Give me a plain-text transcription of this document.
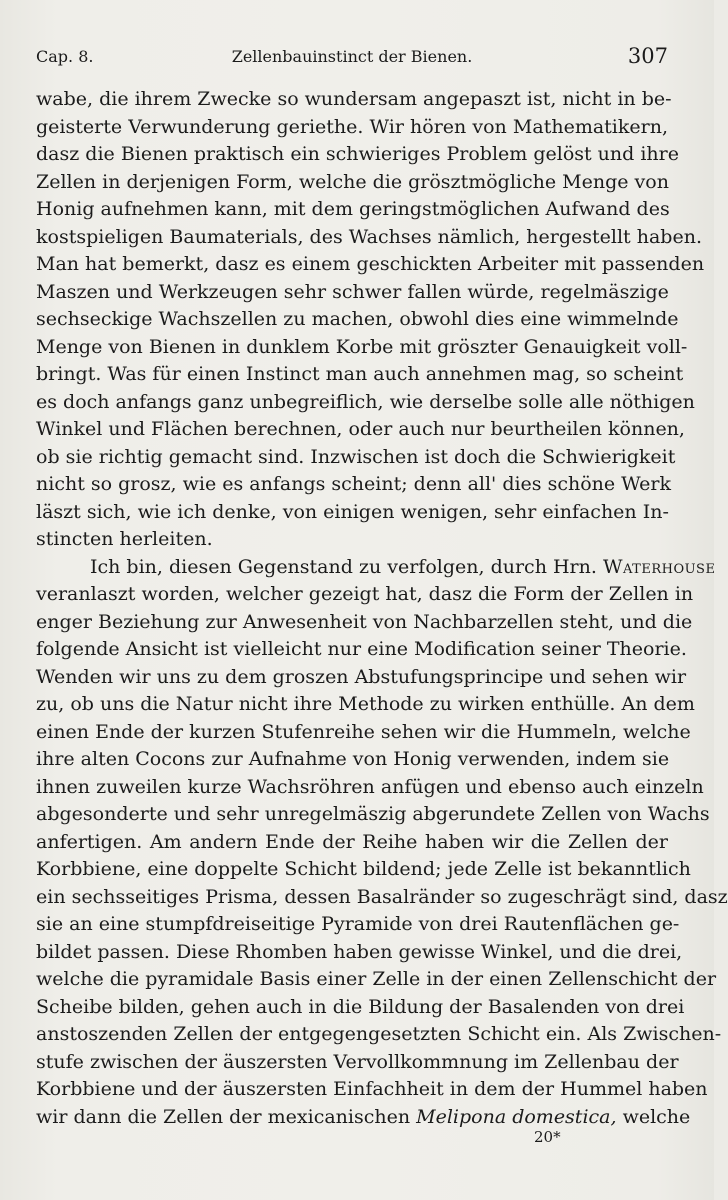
Cap. 8.	Zellenbauinstinct der Bienen.	307
wabe, die ihrem Zwecke so wundersam angepaszt ist, nicht in be-
geisterte Verwunderung geriethe. Wir hören von Mathematikern,
dasz die Bienen praktisch ein schwieriges Problem gelöst und ihre
Zellen in derjenigen Form, welche die grösztmögliche Menge von
Honig aufnehmen kann, mit dem geringstmöglichen Aufwand des
kostspieligen Baumaterials, des Wachses nämlich, hergestellt haben.
Man hat bemerkt, dasz es einem geschickten Arbeiter mit passenden
Maszen und Werkzeugen sehr schwer fallen würde, regelmäszige
sechseckige Wachszellen zu machen, obwohl dies eine wimmelnde
Menge von Bienen in dunklem Korbe mit gröszter Genauigkeit voll-
bringt. Was für einen Instinct man auch annehmen mag, so scheint
es doch anfangs ganz unbegreiflich, wie derselbe solle alle nöthigen
Winkel und Flächen berechnen, oder auch nur beurtheilen können,
ob sie richtig gemacht sind. Inzwischen ist doch die Schwierigkeit
nicht so grosz, wie es anfangs scheint; denn all' dies schöne Werk
läszt sich, wie ich denke, von einigen wenigen, sehr einfachen In-
stincten herleiten.
Ich bin, diesen Gegenstand zu verfolgen, durch Hrn. Waterhouse
veranlaszt worden, welcher gezeigt hat, dasz die Form der Zellen in
enger Beziehung zur Anwesenheit von Nachbarzellen steht, und die
folgende Ansicht ist vielleicht nur eine Modification seiner Theorie.
Wenden wir uns zu dem groszen Abstufungsprincipe und sehen wir
zu, ob uns die Natur nicht ihre Methode zu wirken enthülle. An dem
einen Ende der kurzen Stufenreihe sehen wir die Hummeln, welche
ihre alten Cocons zur Aufnahme von Honig verwenden, indem sie
ihnen zuweilen kurze Wachsröhren anfügen und ebenso auch einzeln
abgesonderte und sehr unregelmäszig abgerundete Zellen von Wachs
anfertigen. Am andern Ende der Reihe haben wir die Zellen der
Korbbiene, eine doppelte Schicht bildend; jede Zelle ist bekanntlich
ein sechsseitiges Prisma, dessen Basalränder so zugeschrägt sind, dasz
sie an eine stumpfdreiseitige Pyramide von drei Rautenflächen ge-
bildet passen. Diese Rhomben haben gewisse Winkel, und die drei,
welche die pyramidale Basis einer Zelle in der einen Zellenschicht der
Scheibe bilden, gehen auch in die Bildung der Basalenden von drei
anstoszenden Zellen der entgegengesetzten Schicht ein. Als Zwischen-
stufe zwischen der äuszersten Vervollkommnung im Zellenbau der
Korbbiene und der äuszersten Einfachheit in dem der Hummel haben
wir dann die Zellen der mexicanischen Melipona domestica, welche
20*
